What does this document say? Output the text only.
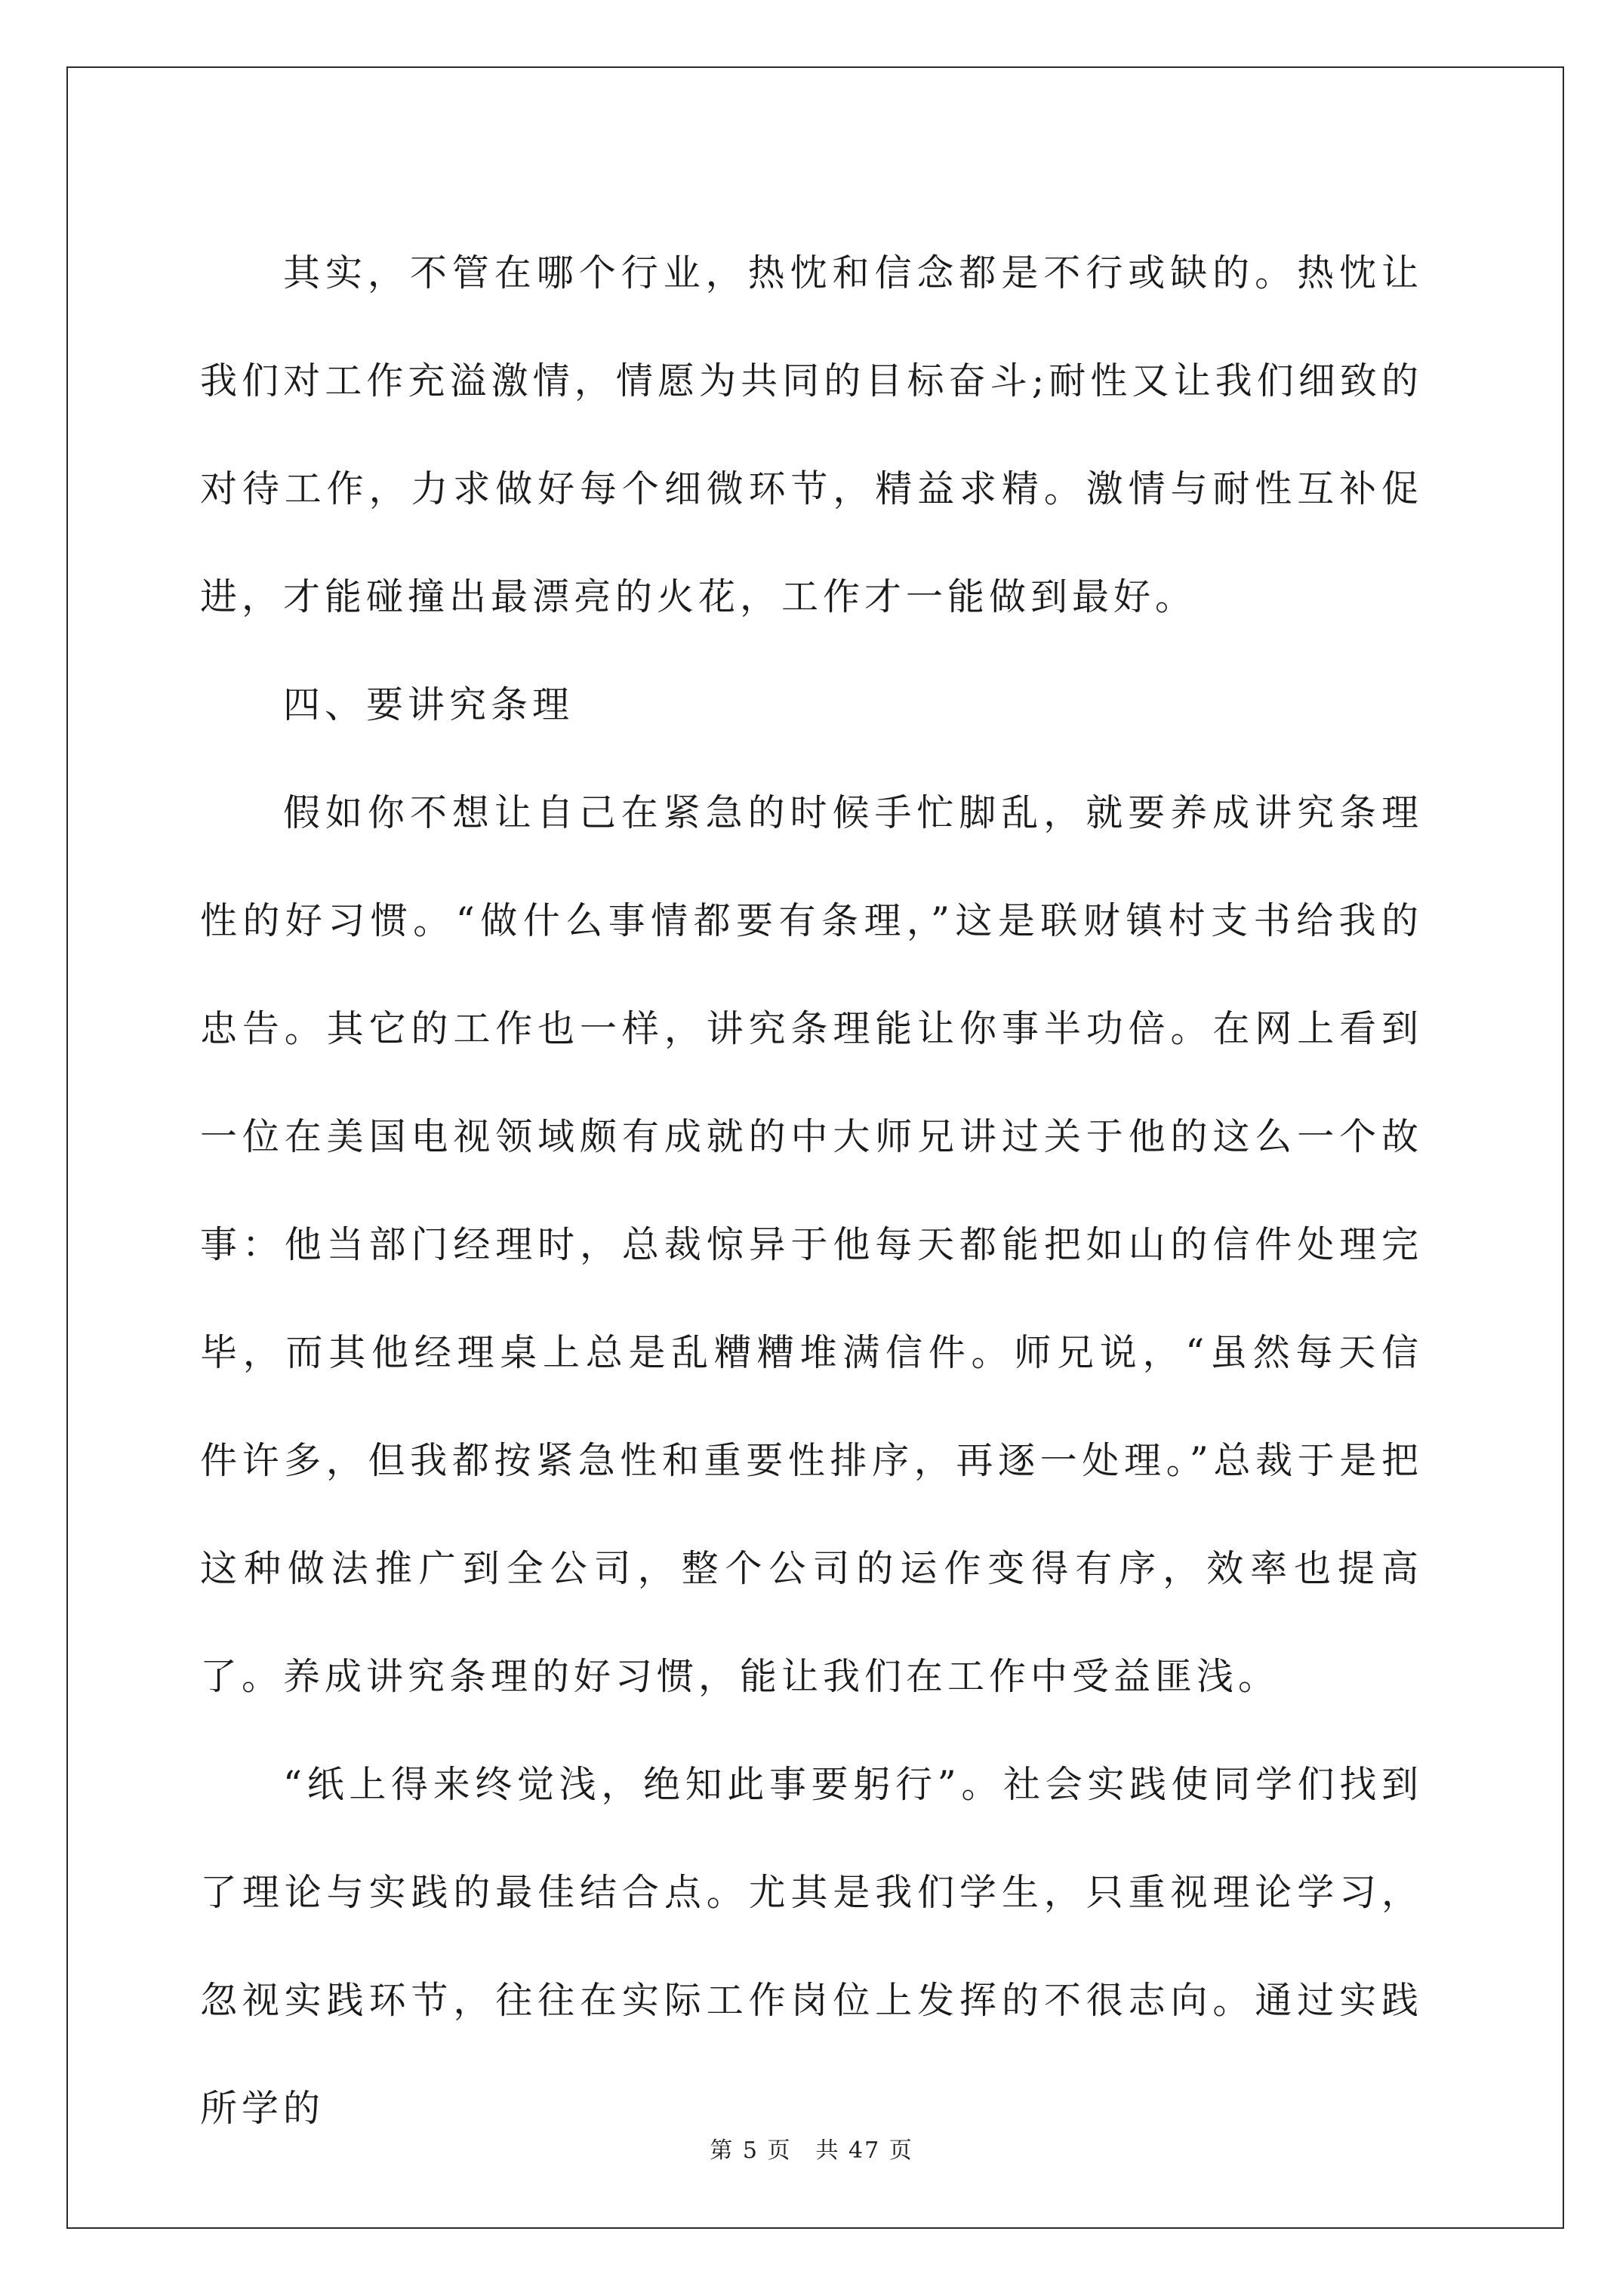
其实，不管在哪个行业，热忱和信念都是不行或缺的。热忱让我们对工作充溢激情，情愿为共同的目标奋斗;耐性又让我们细致的对待工作，力求做好每个细微环节，精益求精。激情与耐性互补促进，才能碰撞出最漂亮的火花，工作才一能做到最好。

四、要讲究条理

假如你不想让自己在紧急的时候手忙脚乱，就要养成讲究条理性的好习惯。“做什么事情都要有条理，”这是联财镇村支书给我的忠告。其它的工作也一样，讲究条理能让你事半功倍。在网上看到一位在美国电视领域颇有成就的中大师兄讲过关于他的这么一个故事：他当部门经理时，总裁惊异于他每天都能把如山的信件处理完毕，而其他经理桌上总是乱糟糟堆满信件。师兄说，“虽然每天信件许多，但我都按紧急性和重要性排序，再逐一处理。”总裁于是把这种做法推广到全公司，整个公司的运作变得有序，效率也提高了。养成讲究条理的好习惯，能让我们在工作中受益匪浅。

“纸上得来终觉浅，绝知此事要躬行”。社会实践使同学们找到了理论与实践的最佳结合点。尤其是我们学生，只重视理论学习，忽视实践环节，往往在实际工作岗位上发挥的不很志向。通过实践所学的

第 5 页　共 47 页
